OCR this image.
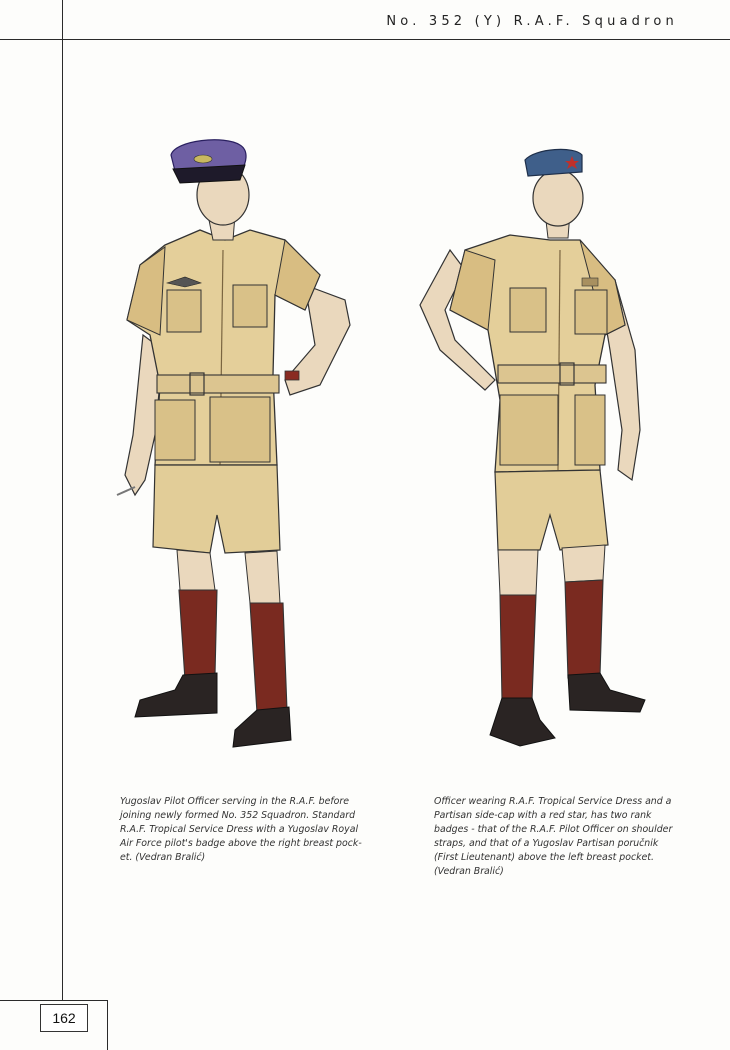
No. 352 (Y) R.A.F. Squadron
Yugoslav Pilot Officer serving in the R.A.F. before
joining newly formed No. 352 Squadron. Standard
R.A.F. Tropical Service Dress with a Yugoslav Royal
Air Force pilot's badge above the right breast pock-
et. (Vedran Bralić)
Officer wearing R.A.F. Tropical Service Dress and a
Partisan side-cap with a red star, has two rank
badges - that of the R.A.F. Pilot Officer on shoulder
straps, and that of a Yugoslav Partisan poručnik
(First Lieutenant) above the left breast pocket.
(Vedran Bralić)
162
